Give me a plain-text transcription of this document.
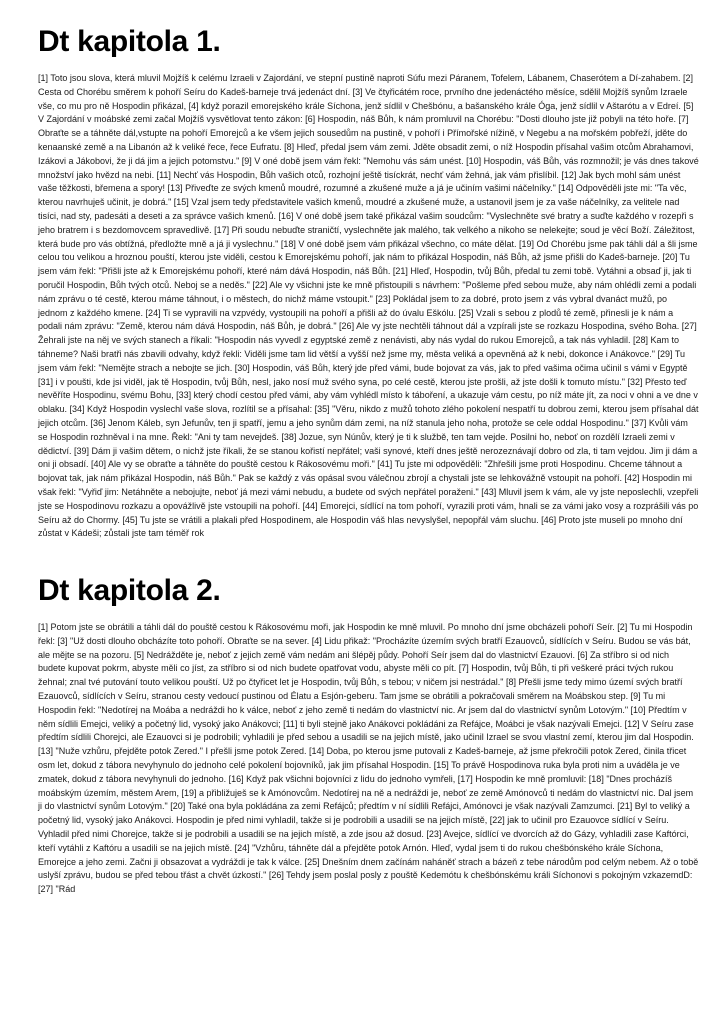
Dt kapitola 1.

[1] Toto jsou slova, která mluvil Mojžíš k celému Izraeli v Zajordání, ve stepní pustině naproti Súfu mezi Páranem, Tofelem, Lábanem, Chaserótem a Dí-zahabem. [2] Cesta od Chorébu směrem k pohoří Seíru do Kadeš-barneje trvá jedenáct dní. [3] Ve čtyřicátém roce, prvního dne jedenáctého měsíce, sdělil Mojžíš synům Izraele vše, co mu pro ně Hospodin přikázal, [4] když porazil emorejského krále Síchona, jenž sídlil v Chešbónu, a bašanského krále Óga, jenž sídlil v Aštarótu a v Edreí. [5] V Zajordání v moábské zemi začal Mojžíš vysvětlovat tento zákon: [6] Hospodin, náš Bůh, k nám promluvil na Chorébu: "Dosti dlouho jste již pobyli na této hoře. [7] Obraťte se a táhněte dál,vstupte na pohoří Emorejců a ke všem jejich sousedům na pustině, v pohoří i Přímořské nížině, v Negebu a na mořském pobřeží, jděte do kenaanské země a na Libanón až k veliké řece, řece Eufratu. [8] Hleď, předal jsem vám zemi. Jděte obsadit zemi, o níž Hospodin přísahal vašim otcům Abrahamovi, Izákovi a Jákobovi, že ji dá jim a jejich potomstvu." [9] V oné době jsem vám řekl: "Nemohu vás sám unést. [10] Hospodin, váš Bůh, vás rozmnožil; je vás dnes takové množství jako hvězd na nebi. [11] Nechť vás Hospodin, Bůh vašich otců, rozhojní ještě tisíckrát, nechť vám žehná, jak vám přislíbil. [12] Jak bych mohl sám unést vaše těžkosti, břemena a spory! [13] Přiveďte ze svých kmenů moudré, rozumné a zkušené muže a já je učiním vašimi náčelníky." [14] Odpověděli jste mi: "Ta věc, kterou navrhuješ učinit, je dobrá." [15] Vzal jsem tedy představitele vašich kmenů, moudré a zkušené muže, a ustanovil jsem je za vaše náčelníky, za velitele nad tisíci, nad sty, padesáti a deseti a za správce vašich kmenů. [16] V oné době jsem také přikázal vašim soudcům: "Vyslechněte své bratry a suďte každého v rozepři s jeho bratrem i s bezdomovcem spravedlivě. [17] Při soudu nebuďte straničtí, vyslechněte jak malého, tak velkého a nikoho se nelekejte; soud je věcí Boží. Záležitost, která bude pro vás obtížná, předložte mně a já ji vyslechnu." [18] V oné době jsem vám přikázal všechno, co máte dělat. [19] Od Chorébu jsme pak táhli dál a šli jsme celou tou velikou a hroznou pouští, kterou jste viděli, cestou k Emorejskému pohoří, jak nám to přikázal Hospodin, náš Bůh, až jsme přišli do Kadeš-barneje. [20] Tu jsem vám řekl: "Přišli jste až k Emorejskému pohoří, které nám dává Hospodin, náš Bůh. [21] Hleď, Hospodin, tvůj Bůh, předal tu zemi tobě. Vytáhni a obsaď ji, jak ti poručil Hospodin, Bůh tvých otců. Neboj se a neděs." [22] Ale vy všichni jste ke mně přistoupili s návrhem: "Pošleme před sebou muže, aby nám ohlédli zemi a podali nám zprávu o té cestě, kterou máme táhnout, i o městech, do nichž máme vstoupit." [23] Pokládal jsem to za dobré, proto jsem z vás vybral dvanáct mužů, po jednom z každého kmene. [24] Ti se vypravili na vzpvédy, vystoupili na pohoří a přišli až do úvalu Eškólu. [25] Vzali s sebou z plodů té země, přinesli je k nám a podali nám zprávu: "Země, kterou nám dává Hospodin, náš Bůh, je dobrá." [26] Ale vy jste nechtěli táhnout dál a vzpírali jste se rozkazu Hospodina, svého Boha. [27] Žehrali jste na něj ve svých stanech a říkali: "Hospodin nás vyvedl z egyptské země z nenávisti, aby nás vydal do rukou Emorejců, a tak nás vyhladil. [28] Kam to táhneme? Naši bratři nás zbavili odvahy, když řekli: Viděli jsme tam lid větší a vyšší než jsme my, města veliká a opevněná až k nebi, dokonce i Anákovce." [29] Tu jsem vám řekl: "Nemějte strach a nebojte se jich. [30] Hospodin, váš Bůh, který jde před vámi, bude bojovat za vás, jak to před vašima očima učinil s vámi v Egyptě [31] i v poušti, kde jsi viděl, jak tě Hospodin, tvůj Bůh, nesl, jako nosí muž svého syna, po celé cestě, kterou jste prošli, až jste došli k tomuto místu." [32] Přesto teď nevěříte Hospodinu, svému Bohu, [33] který chodí cestou před vámi, aby vám vyhlédl místo k táboření, a ukazuje vám cestu, po níž máte jít, za noci v ohni a ve dne v oblaku. [34] Když Hospodin vyslechl vaše slova, rozlítil se a přísahal: [35] "Věru, nikdo z mužů tohoto zlého pokolení nespatří tu dobrou zemi, kterou jsem přísahal dát jejich otcům. [36] Jenom Káleb, syn Jefunův, ten ji spatří, jemu a jeho synům dám zemi, na níž stanula jeho noha, protože se cele oddal Hospodinu." [37] Kvůli vám se Hospodin rozhněval i na mne. Řekl: "Ani ty tam nevejdeš. [38] Jozue, syn Núnův, který je ti k službě, ten tam vejde. Posilni ho, neboť on rozdělí Izraeli zemi v dědictví. [39] Dám ji vašim dětem, o nichž jste říkali, že se stanou kořistí nepřátel; vaši synové, kteří dnes ještě nerozeznávají dobro od zla, ti tam vejdou. Jim ji dám a oni ji obsadí. [40] Ale vy se obraťte a táhněte do pouště cestou k Rákosovému moři." [41] Tu jste mi odpověděli: "Zhřešili jsme proti Hospodinu. Chceme táhnout a bojovat tak, jak nám přikázal Hospodin, náš Bůh." Pak se každý z vás opásal svou válečnou zbrojí a chystali jste se lehkovážně vstoupit na pohoří. [42] Hospodin mi však řekl: "Vyřiď jim: Netáhněte a nebojujte, neboť já mezi vámi nebudu, a budete od svých nepřátel poraženi." [43] Mluvil jsem k vám, ale vy jste neposlechli, vzepřeli jste se Hospodinovu rozkazu a opovážlivě jste vstoupili na pohoří. [44] Emorejci, sídlící na tom pohoří, vyrazili proti vám, hnali se za vámi jako vosy a rozprášili vás po Seíru až do Chormy. [45] Tu jste se vrátili a plakali před Hospodinem, ale Hospodin váš hlas nevyslyšel, nepopřál vám sluchu. [46] Proto jste museli po mnoho dní zůstat v Kádeši; zůstali jste tam téměř rok

Dt kapitola 2.

[1] Potom jste se obrátili a táhli dál do pouště cestou k Rákosovému moři, jak Hospodin ke mně mluvil. Po mnoho dní jsme obcházeli pohoří Seír. [2] Tu mi Hospodin řekl: [3] "Už dosti dlouho obcházíte toto pohoří. Obraťte se na sever. [4] Lidu přikaž: "Procházíte územím svých bratří Ezauovců, sídlících v Seíru. Budou se vás bát, ale mějte se na pozoru. [5] Nedrážděte je, neboť z jejich země vám nedám ani šlépěj půdy. Pohoří Seír jsem dal do vlastnictví Ezauovi. [6] Za stříbro si od nich budete kupovat pokrm, abyste měli co jíst, za stříbro si od nich budete opatřovat vodu, abyste měli co pít. [7] Hospodin, tvůj Bůh, ti při veškeré práci tvých rukou žehnal; znal tvé putování touto velikou pouští. Už po čtyřicet let je Hospodin, tvůj Bůh, s tebou; v ničem jsi nestrádal." [8] Přešli jsme tedy mimo území svých bratří Ezauovců, sídlících v Seíru, stranou cesty vedoucí pustinou od Élatu a Esjón-geberu. Tam jsme se obrátili a pokračovali směrem na Moábskou step. [9] Tu mi Hospodin řekl: "Nedotírej na Moába a nedráždi ho k válce, neboť z jeho země ti nedám do vlastnictví nic. Ar jsem dal do vlastnictví synům Lotovým." [10] Předtím v něm sídlili Emejci, veliký a početný lid, vysoký jako Anákovci; [11] ti byli stejně jako Anákovci pokládáni za Refájce, Moábci je však nazývali Emejci. [12] V Seíru zase předtím sídlili Chorejci, ale Ezauovci si je podrobili; vyhladili je před sebou a usadili se na jejich místě, jako učinil Izrael se svou vlastní zemí, kterou jim dal Hospodin. [13] "Nuže vzhůru, přejděte potok Zered." I přešli jsme potok Zered. [14] Doba, po kterou jsme putovali z Kadeš-barneje, až jsme překročili potok Zered, činila třicet osm let, dokud z tábora nevyhynulo do jednoho celé pokolení bojovníků, jak jim přísahal Hospodin. [15] To právě Hospodinova ruka byla proti nim a uváděla je ve zmatek, dokud z tábora nevyhynuli do jednoho. [16] Když pak všichni bojovníci z lidu do jednoho vymřeli, [17] Hospodin ke mně promluvil: [18] "Dnes procházíš moábským územím, městem Arem, [19] a přibližuješ se k Amónovcům. Nedotírej na ně a nedráždi je, neboť ze země Amónovců ti nedám do vlastnictví nic. Dal jsem ji do vlastnictví synům Lotovým." [20] Také ona byla pokládána za zemi Refájců; předtím v ní sídlili Refájci, Amónovci je však nazývali Zamzumci. [21] Byl to veliký a početný lid, vysoký jako Anákovci. Hospodin je před nimi vyhladil, takže si je podrobili a usadili se na jejich místě, [22] jak to učinil pro Ezauovce sídlící v Seíru. Vyhladil před nimi Chorejce, takže si je podrobili a usadili se na jejich místě, a zde jsou až dosud. [23] Avejce, sídlící ve dvorcích až do Gázy, vyhladili zase Kaftórci, kteří vytáhli z Kaftóru a usadili se na jejich místě. [24] "Vzhůru, táhněte dál a přejděte potok Arnón. Hleď, vydal jsem ti do rukou chešbónského krále Síchona, Emorejce a jeho zemi. Začni ji obsazovat a vydráždi je tak k válce. [25] Dnešním dnem začínám naháněť strach a bázeň z tebe národům pod celým nebem. Až o tobě uslyší zprávu, budou se před tebou třást a chvět úzkostí." [26] Tehdy jsem poslal posly z pouště Kedemótu k chešbónskému králi Síchonovi s pokojným vzkazemdD: [27] "Rád
